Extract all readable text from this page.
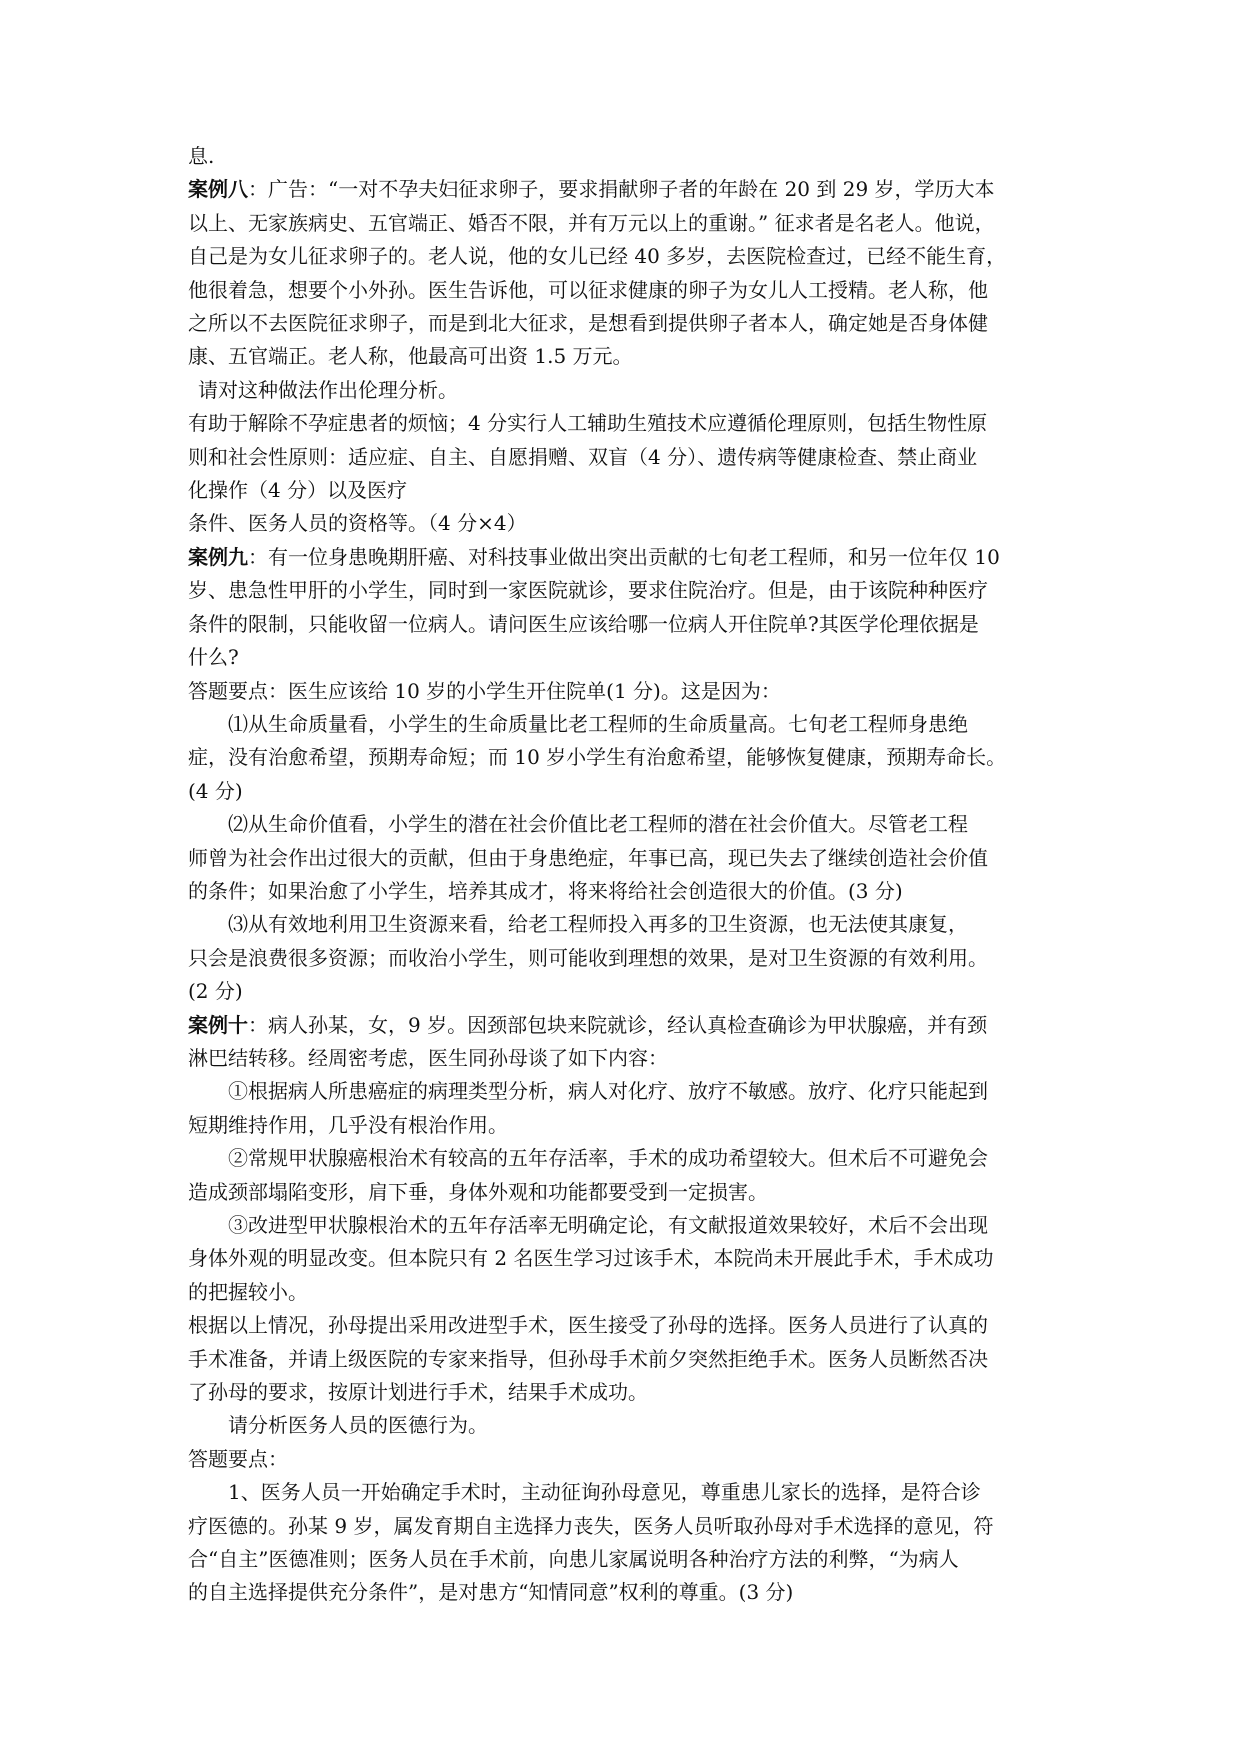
息.
案例八：广告：“一对不孕夫妇征求卵子，要求捐献卵子者的年龄在 20 到 29 岁，学历大本
以上、无家族病史、五官端正、婚否不限，并有万元以上的重谢。” 征求者是名老人。他说，
自己是为女儿征求卵子的。老人说，他的女儿已经 40 多岁，去医院检查过，已经不能生育，
他很着急，想要个小外孙。医生告诉他，可以征求健康的卵子为女儿人工授精。老人称，他
之所以不去医院征求卵子，而是到北大征求，是想看到提供卵子者本人，确定她是否身体健
康、五官端正。老人称，他最高可出资 1.5 万元。
请对这种做法作出伦理分析。
有助于解除不孕症患者的烦恼；4 分实行人工辅助生殖技术应遵循伦理原则，包括生物性原
则和社会性原则：适应症、自主、自愿捐赠、双盲（4 分）、遗传病等健康检查、禁止商业
化操作（4 分）以及医疗
条件、医务人员的资格等。（4 分×4）
案例九：有一位身患晚期肝癌、对科技事业做出突出贡献的七旬老工程师，和另一位年仅 10
岁、患急性甲肝的小学生，同时到一家医院就诊，要求住院治疗。但是，由于该院种种医疗
条件的限制，只能收留一位病人。请问医生应该给哪一位病人开住院单?其医学伦理依据是
什么?
答题要点：医生应该给 10 岁的小学生开住院单(1 分)。这是因为：
⑴从生命质量看，小学生的生命质量比老工程师的生命质量高。七旬老工程师身患绝
症，没有治愈希望，预期寿命短；而 10 岁小学生有治愈希望，能够恢复健康，预期寿命长。
(4 分)
⑵从生命价值看，小学生的潜在社会价值比老工程师的潜在社会价值大。尽管老工程
师曾为社会作出过很大的贡献，但由于身患绝症，年事已高，现已失去了继续创造社会价值
的条件；如果治愈了小学生，培养其成才，将来将给社会创造很大的价值。(3 分)
⑶从有效地利用卫生资源来看，给老工程师投入再多的卫生资源，也无法使其康复，
只会是浪费很多资源；而收治小学生，则可能收到理想的效果，是对卫生资源的有效利用。
(2 分)
案例十：病人孙某，女，9 岁。因颈部包块来院就诊，经认真检查确诊为甲状腺癌，并有颈
淋巴结转移。经周密考虑，医生同孙母谈了如下内容：
①根据病人所患癌症的病理类型分析，病人对化疗、放疗不敏感。放疗、化疗只能起到
短期维持作用，几乎没有根治作用。
②常规甲状腺癌根治术有较高的五年存活率，手术的成功希望较大。但术后不可避免会
造成颈部塌陷变形，肩下垂，身体外观和功能都要受到一定损害。
③改进型甲状腺根治术的五年存活率无明确定论，有文献报道效果较好，术后不会出现
身体外观的明显改变。但本院只有 2 名医生学习过该手术，本院尚未开展此手术，手术成功
的把握较小。
根据以上情况，孙母提出采用改进型手术，医生接受了孙母的选择。医务人员进行了认真的
手术准备，并请上级医院的专家来指导，但孙母手术前夕突然拒绝手术。医务人员断然否决
了孙母的要求，按原计划进行手术，结果手术成功。
请分析医务人员的医德行为。
答题要点：
1、医务人员一开始确定手术时，主动征询孙母意见，尊重患儿家长的选择，是符合诊
疗医德的。孙某 9 岁，属发育期自主选择力丧失，医务人员听取孙母对手术选择的意见，符
合“自主”医德准则；医务人员在手术前，向患儿家属说明各种治疗方法的利弊，“为病人
的自主选择提供充分条件”，是对患方“知情同意”权利的尊重。(3 分)
